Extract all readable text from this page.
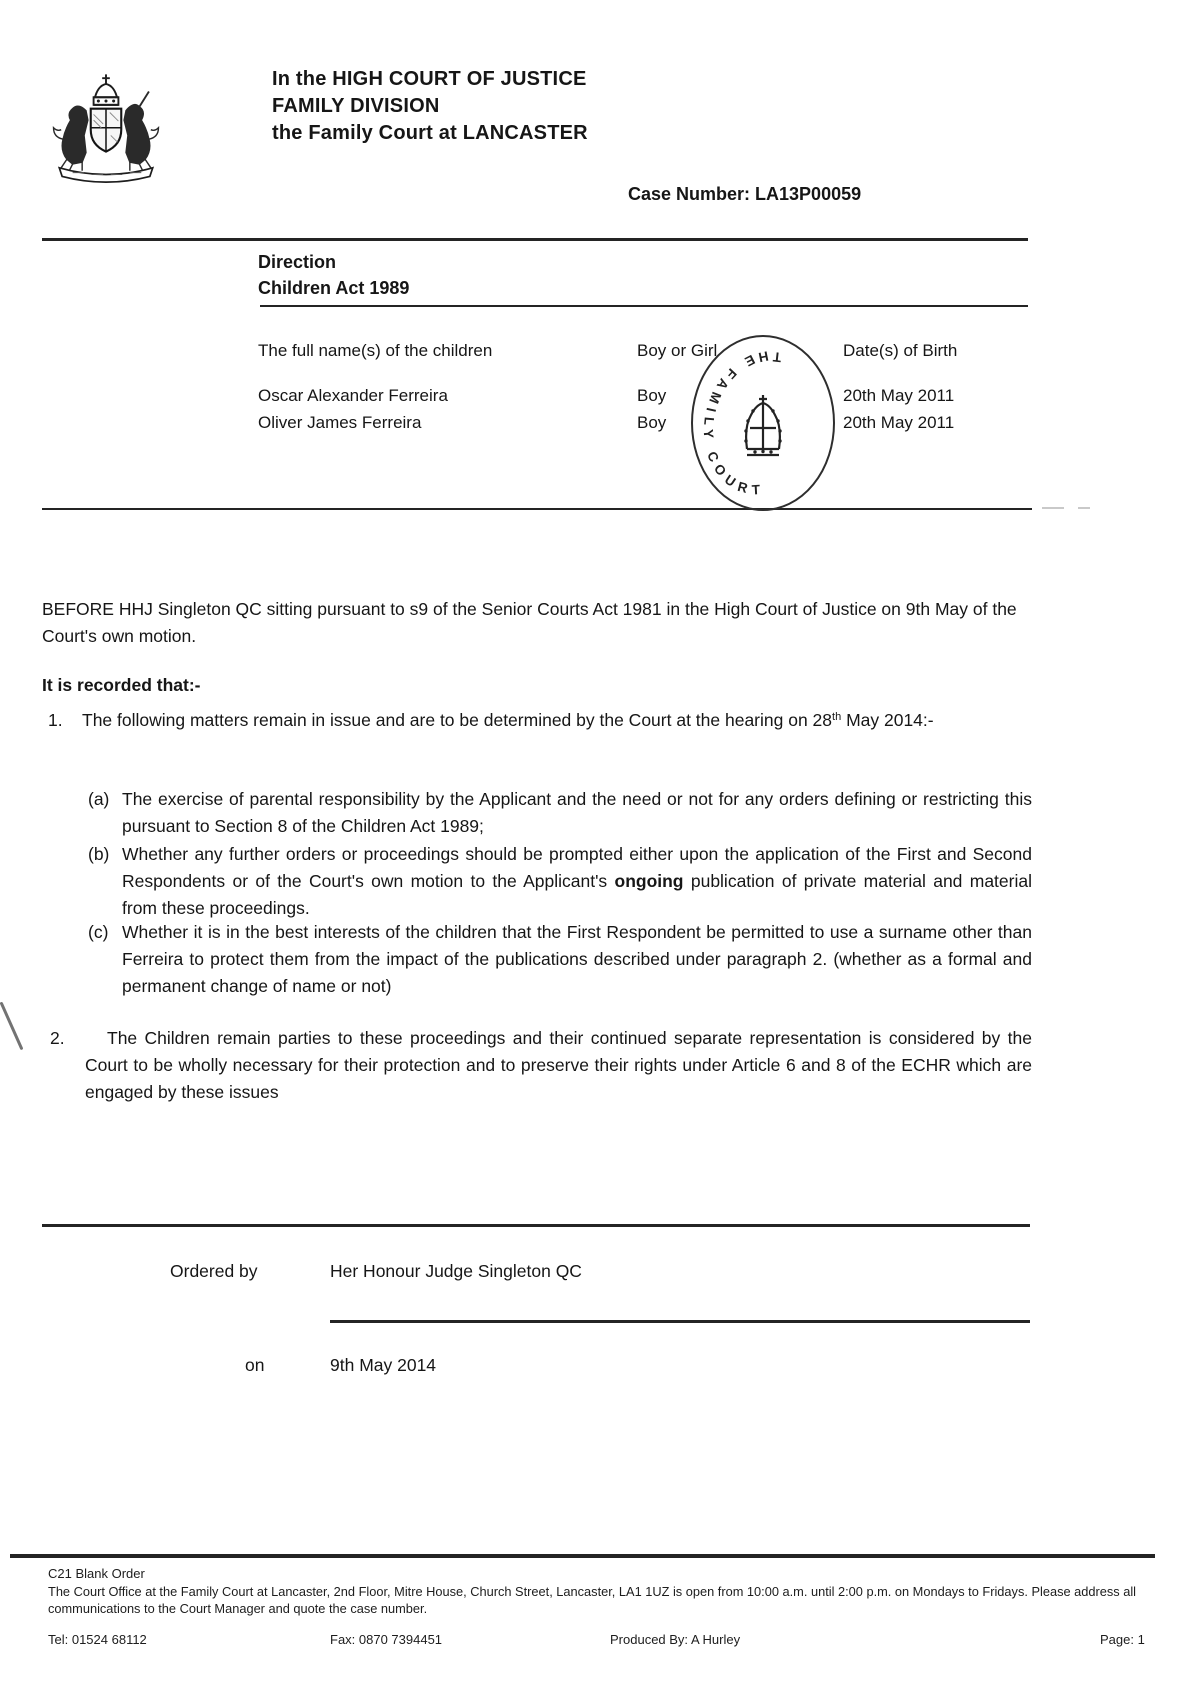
In the HIGH COURT OF JUSTICE
FAMILY DIVISION
the Family Court at LANCASTER
Case Number: LA13P00059
Direction
Children Act 1989
The full name(s) of the children	Boy or Girl	Date(s) of Birth
Oscar Alexander Ferreira	Boy	20th May 2011
Oliver James Ferreira	Boy	20th May 2011
THE FAMILY COURT
BEFORE HHJ Singleton QC sitting pursuant to s9 of the Senior Courts Act 1981 in the High Court of Justice on 9th May of the Court's own motion.
It is recorded that:-
1.	The following matters remain in issue and are to be determined by the Court at the hearing on 28th May 2014:-
(a) The exercise of parental responsibility by the Applicant and the need or not for any orders defining or restricting this pursuant to Section 8 of the Children Act 1989;
(b) Whether any further orders or proceedings should be prompted either upon the application of the First and Second Respondents or of the Court's own motion to the Applicant's ongoing publication of private material and material from these proceedings.
(c) Whether it is in the best interests of the children that the First Respondent be permitted to use a surname other than Ferreira to protect them from the impact of the publications described under paragraph 2. (whether as a formal and permanent change of name or not)
2.	The Children remain parties to these proceedings and their continued separate representation is considered by the Court to be wholly necessary for their protection and to preserve their rights under Article 6 and 8 of the ECHR which are engaged by these issues
Ordered by	Her Honour Judge Singleton QC
on	9th May 2014
C21 Blank Order
The Court Office at the Family Court at Lancaster, 2nd Floor, Mitre House, Church Street, Lancaster, LA1 1UZ is open from 10:00 a.m. until 2:00 p.m. on Mondays to Fridays. Please address all
communications to the Court Manager and quote the case number.
Tel: 01524 68112	Fax: 0870 7394451	Produced By: A Hurley	Page: 1
